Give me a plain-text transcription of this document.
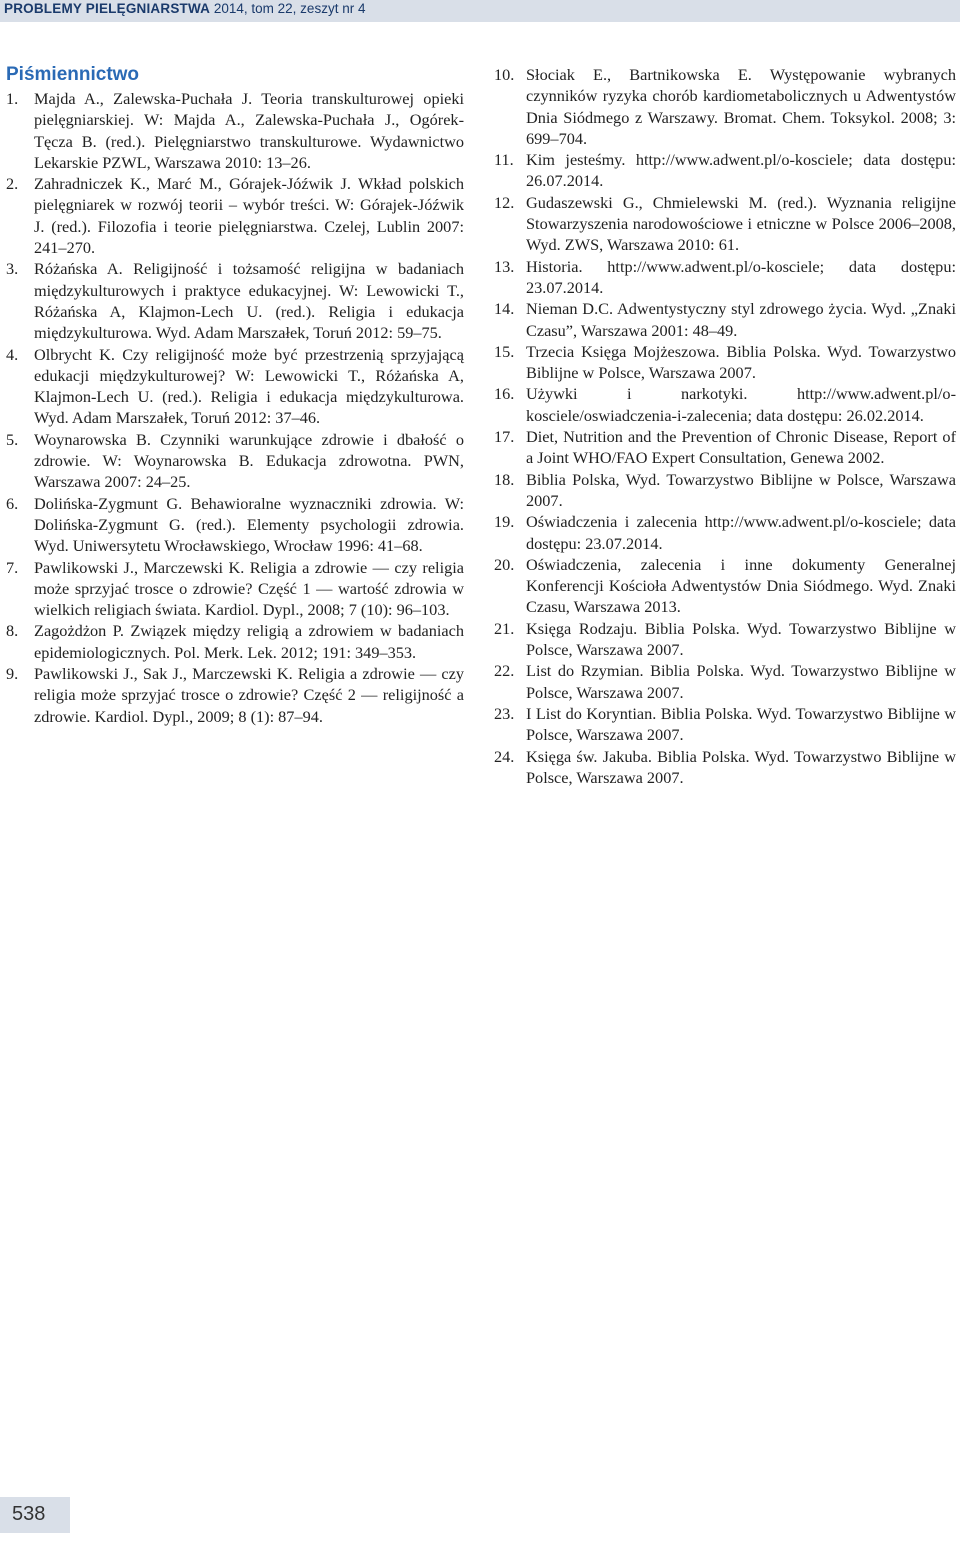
PROBLEMY PIELĘGNIARSTWA 2014, tom 22, zeszyt nr 4
Piśmiennictwo
1. Majda A., Zalewska-Puchała J. Teoria transkulturowej opieki pielęgniarskiej. W: Majda A., Zalewska-Puchała J., Ogórek-Tęcza B. (red.). Pielęgniarstwo transkulturowe. Wydawnictwo Lekarskie PZWL, Warszawa 2010: 13–26.
2. Zahradniczek K., Marć M., Górajek-Jóźwik J. Wkład polskich pielęgniarek w rozwój teorii – wybór treści. W: Górajek-Jóźwik J. (red.). Filozofia i teorie pielęgniarstwa. Czelej, Lublin 2007: 241–270.
3. Różańska A. Religijność i tożsamość religijna w badaniach międzykulturowych i praktyce edukacyjnej. W: Lewowicki T., Różańska A, Klajmon-Lech U. (red.). Religia i edukacja międzykulturowa. Wyd. Adam Marszałek, Toruń 2012: 59–75.
4. Olbrycht K. Czy religijność może być przestrzenią sprzyjającą edukacji międzykulturowej? W: Lewowicki T., Różańska A, Klajmon-Lech U. (red.). Religia i edukacja międzykulturowa. Wyd. Adam Marszałek, Toruń 2012: 37–46.
5. Woynarowska B. Czynniki warunkujące zdrowie i dbałość o zdrowie. W: Woynarowska B. Edukacja zdrowotna. PWN, Warszawa 2007: 24–25.
6. Dolińska-Zygmunt G. Behawioralne wyznaczniki zdrowia. W: Dolińska-Zygmunt G. (red.). Elementy psychologii zdrowia. Wyd. Uniwersytetu Wrocławskiego, Wrocław 1996: 41–68.
7. Pawlikowski J., Marczewski K. Religia a zdrowie — czy religia może sprzyjać trosce o zdrowie? Część 1 — wartość zdrowia w wielkich religiach świata. Kardiol. Dypl., 2008; 7 (10): 96–103.
8. Zagożdżon P. Związek między religią a zdrowiem w badaniach epidemiologicznych. Pol. Merk. Lek. 2012; 191: 349–353.
9. Pawlikowski J., Sak J., Marczewski K. Religia a zdrowie — czy religia może sprzyjać trosce o zdrowie? Część 2 — religijność a zdrowie. Kardiol. Dypl., 2009; 8 (1): 87–94.
10. Słociak E., Bartnikowska E. Występowanie wybranych czynników ryzyka chorób kardiometabolicznych u Adwentystów Dnia Siódmego z Warszawy. Bromat. Chem. Toksykol. 2008; 3: 699–704.
11. Kim jesteśmy. http://www.adwent.pl/o-kosciele; data dostępu: 26.07.2014.
12. Gudaszewski G., Chmielewski M. (red.). Wyznania religijne Stowarzyszenia narodowościowe i etniczne w Polsce 2006–2008, Wyd. ZWS, Warszawa 2010: 61.
13. Historia. http://www.adwent.pl/o-kosciele; data dostępu: 23.07.2014.
14. Nieman D.C. Adwentystyczny styl zdrowego życia. Wyd. „Znaki Czasu”, Warszawa 2001: 48–49.
15. Trzecia Księga Mojżeszowa. Biblia Polska. Wyd. Towarzystwo Biblijne w Polsce, Warszawa 2007.
16. Używki i narkotyki. http://www.adwent.pl/o-kosciele/oswiadczenia-i-zalecenia; data dostępu: 26.02.2014.
17. Diet, Nutrition and the Prevention of Chronic Disease, Report of a Joint WHO/FAO Expert Consultation, Genewa 2002.
18. Biblia Polska, Wyd. Towarzystwo Biblijne w Polsce, Warszawa 2007.
19. Oświadczenia i zalecenia http://www.adwent.pl/o-kosciele; data dostępu: 23.07.2014.
20. Oświadczenia, zalecenia i inne dokumenty Generalnej Konferencji Kościoła Adwentystów Dnia Siódmego. Wyd. Znaki Czasu, Warszawa 2013.
21. Księga Rodzaju. Biblia Polska. Wyd. Towarzystwo Biblijne w Polsce, Warszawa 2007.
22. List do Rzymian. Biblia Polska. Wyd. Towarzystwo Biblijne w Polsce, Warszawa 2007.
23. I List do Koryntian. Biblia Polska. Wyd. Towarzystwo Biblijne w Polsce, Warszawa 2007.
24. Księga św. Jakuba. Biblia Polska. Wyd. Towarzystwo Biblijne w Polsce, Warszawa 2007.
538
